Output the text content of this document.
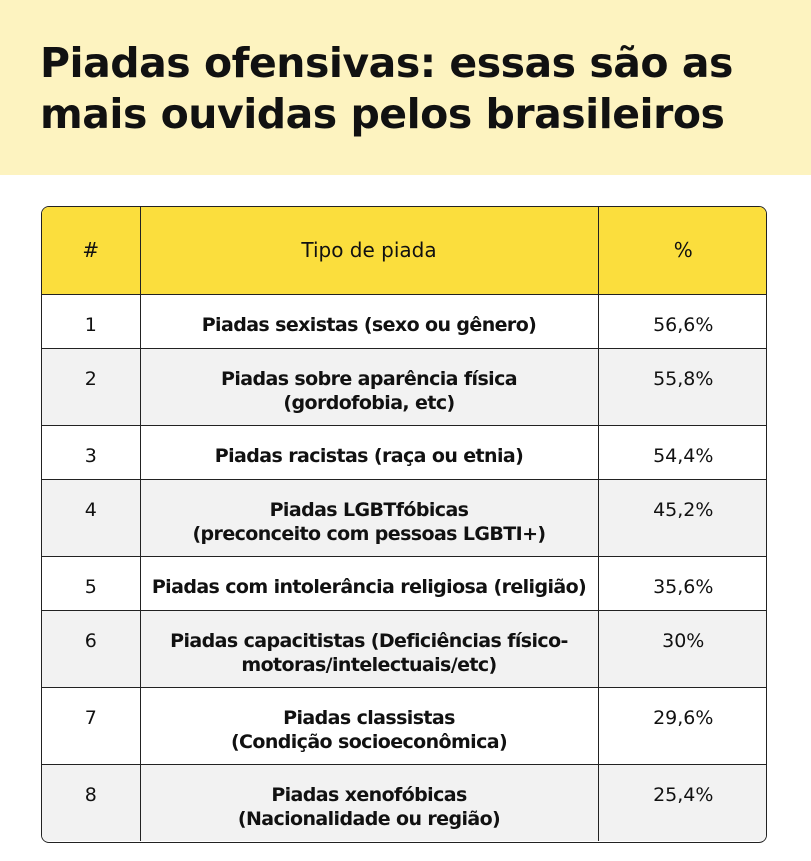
Piadas ofensivas: essas são as
mais ouvidas pelos brasileiros
#	Tipo de piada	%
1	Piadas sexistas (sexo ou gênero)	56,6%
2	Piadas sobre aparência física
(gordofobia, etc)	55,8%
3	Piadas racistas (raça ou etnia)	54,4%
4	Piadas LGBTfóbicas
(preconceito com pessoas LGBTI+)	45,2%
5	Piadas com intolerância religiosa (religião)	35,6%
6	Piadas capacitistas (Deficiências físico-
motoras/intelectuais/etc)	30%
7	Piadas classistas
(Condição socioeconômica)	29,6%
8	Piadas xenofóbicas
(Nacionalidade ou região)	25,4%
